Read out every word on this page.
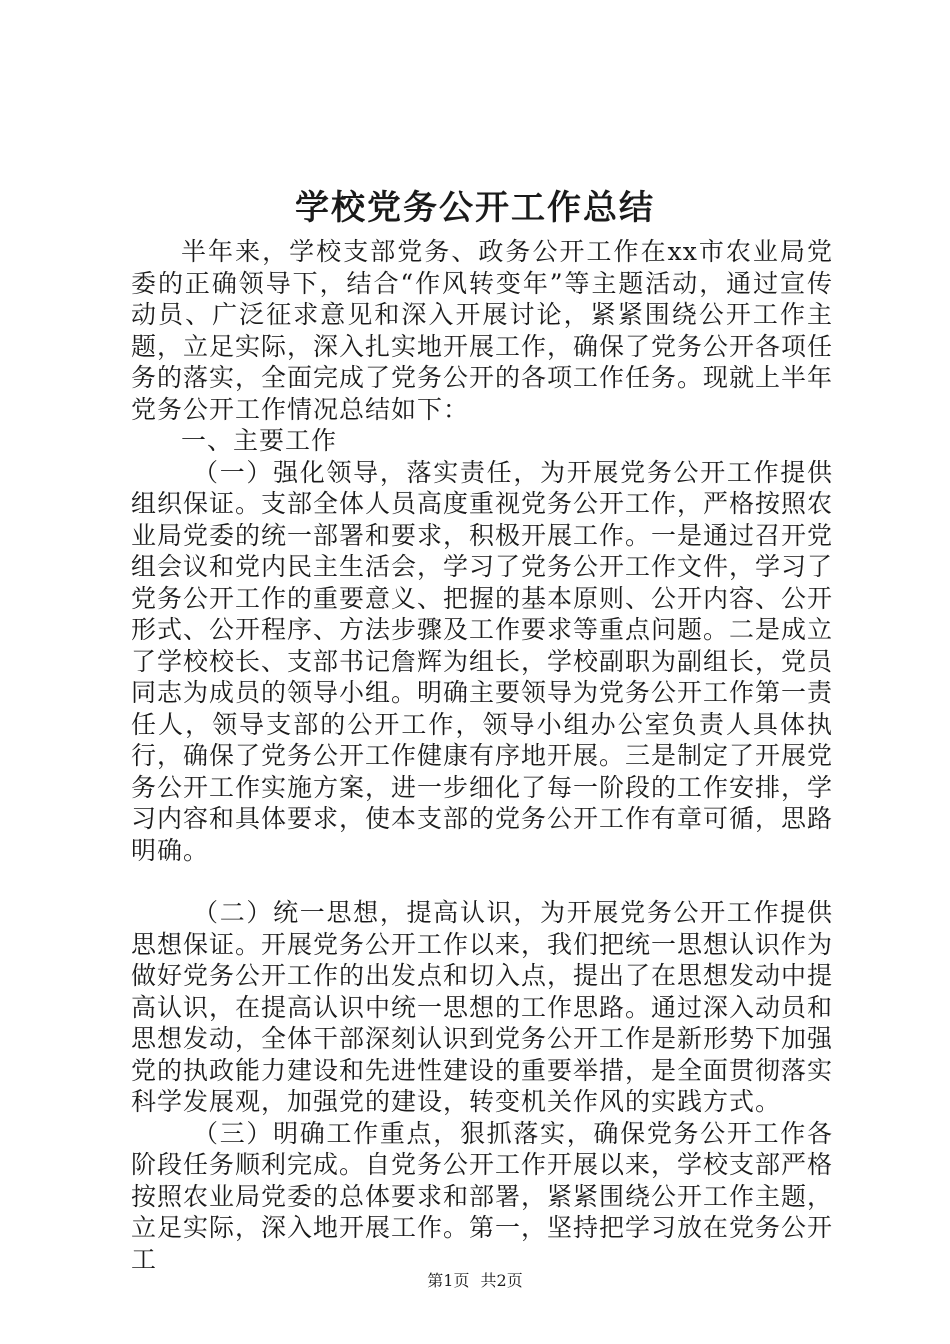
学校党务公开工作总结

半年来，学校支部党务、政务公开工作在xx市农业局党委的正确领导下，结合“作风转变年”等主题活动，通过宣传动员、广泛征求意见和深入开展讨论，紧紧围绕公开工作主题，立足实际，深入扎实地开展工作，确保了党务公开各项任务的落实，全面完成了党务公开的各项工作任务。现就上半年党务公开工作情况总结如下：

一、主要工作

（一）强化领导，落实责任，为开展党务公开工作提供组织保证。支部全体人员高度重视党务公开工作，严格按照农业局党委的统一部署和要求，积极开展工作。一是通过召开党组会议和党内民主生活会，学习了党务公开工作文件，学习了党务公开工作的重要意义、把握的基本原则、公开内容、公开形式、公开程序、方法步骤及工作要求等重点问题。二是成立了学校校长、支部书记詹辉为组长，学校副职为副组长，党员同志为成员的领导小组。明确主要领导为党务公开工作第一责任人，领导支部的公开工作，领导小组办公室负责人具体执行，确保了党务公开工作健康有序地开展。三是制定了开展党务公开工作实施方案，进一步细化了每一阶段的工作安排，学习内容和具体要求，使本支部的党务公开工作有章可循，思路明确。

（二）统一思想，提高认识，为开展党务公开工作提供思想保证。开展党务公开工作以来，我们把统一思想认识作为做好党务公开工作的出发点和切入点，提出了在思想发动中提高认识，在提高认识中统一思想的工作思路。通过深入动员和思想发动，全体干部深刻认识到党务公开工作是新形势下加强党的执政能力建设和先进性建设的重要举措，是全面贯彻落实科学发展观，加强党的建设，转变机关作风的实践方式。

（三）明确工作重点，狠抓落实，确保党务公开工作各阶段任务顺利完成。自党务公开工作开展以来，学校支部严格按照农业局党委的总体要求和部署，紧紧围绕公开工作主题，立足实际，深入地开展工作。第一，坚持把学习放在党务公开工

第1页 共2页
